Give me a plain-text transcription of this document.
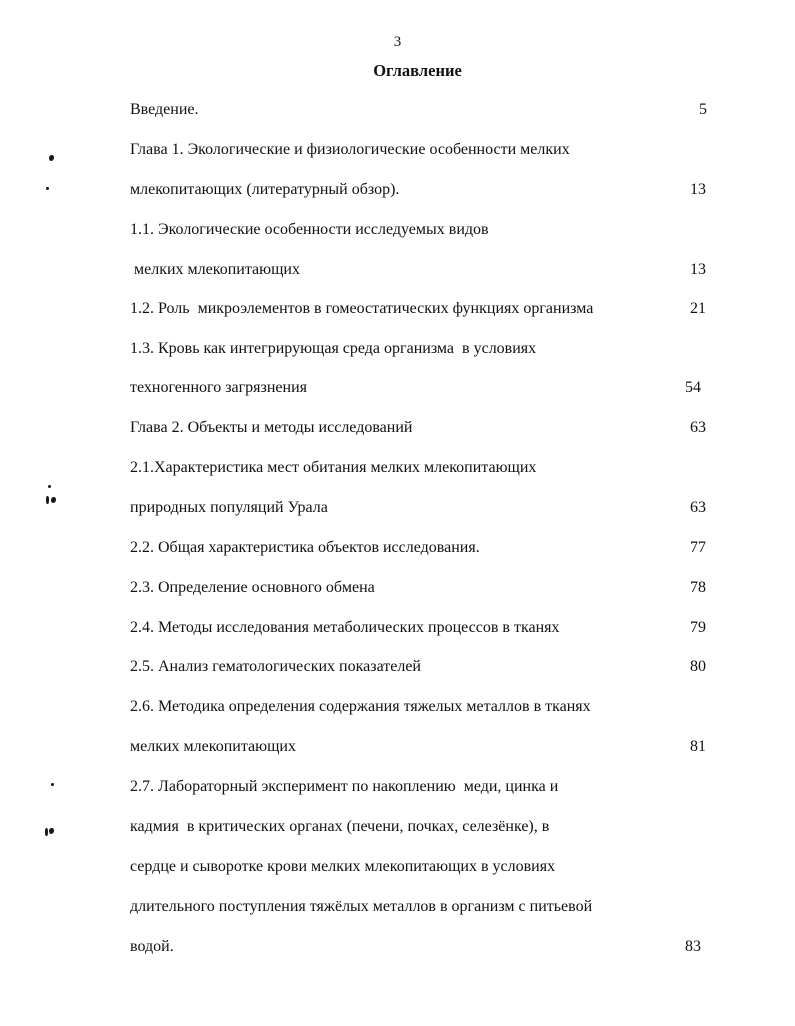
3
Оглавление
Введение.	5
Глава 1. Экологические и физиологические особенности мелких
млекопитающих (литературный обзор).	13
1.1. Экологические особенности исследуемых видов
мелких млекопитающих	13
1.2. Роль  микроэлементов в гомеостатических функциях организма	21
1.3. Кровь как интегрирующая среда организма  в условиях
техногенного загрязнения	54
Глава 2. Объекты и методы исследований	63
2.1.Характеристика мест обитания мелких млекопитающих
природных популяций Урала	63
2.2. Общая характеристика объектов исследования.	77
2.3. Определение основного обмена	78
2.4. Методы исследования метаболических процессов в тканях	79
2.5. Анализ гематологических показателей	80
2.6. Методика определения содержания тяжелых металлов в тканях
мелких млекопитающих	81
2.7. Лабораторный эксперимент по накоплению  меди, цинка и
кадмия  в критических органах (печени, почках, селезёнке), в
сердце и сыворотке крови мелких млекопитающих в условиях
длительного поступления тяжёлых металлов в организм с питьевой
водой.	83
